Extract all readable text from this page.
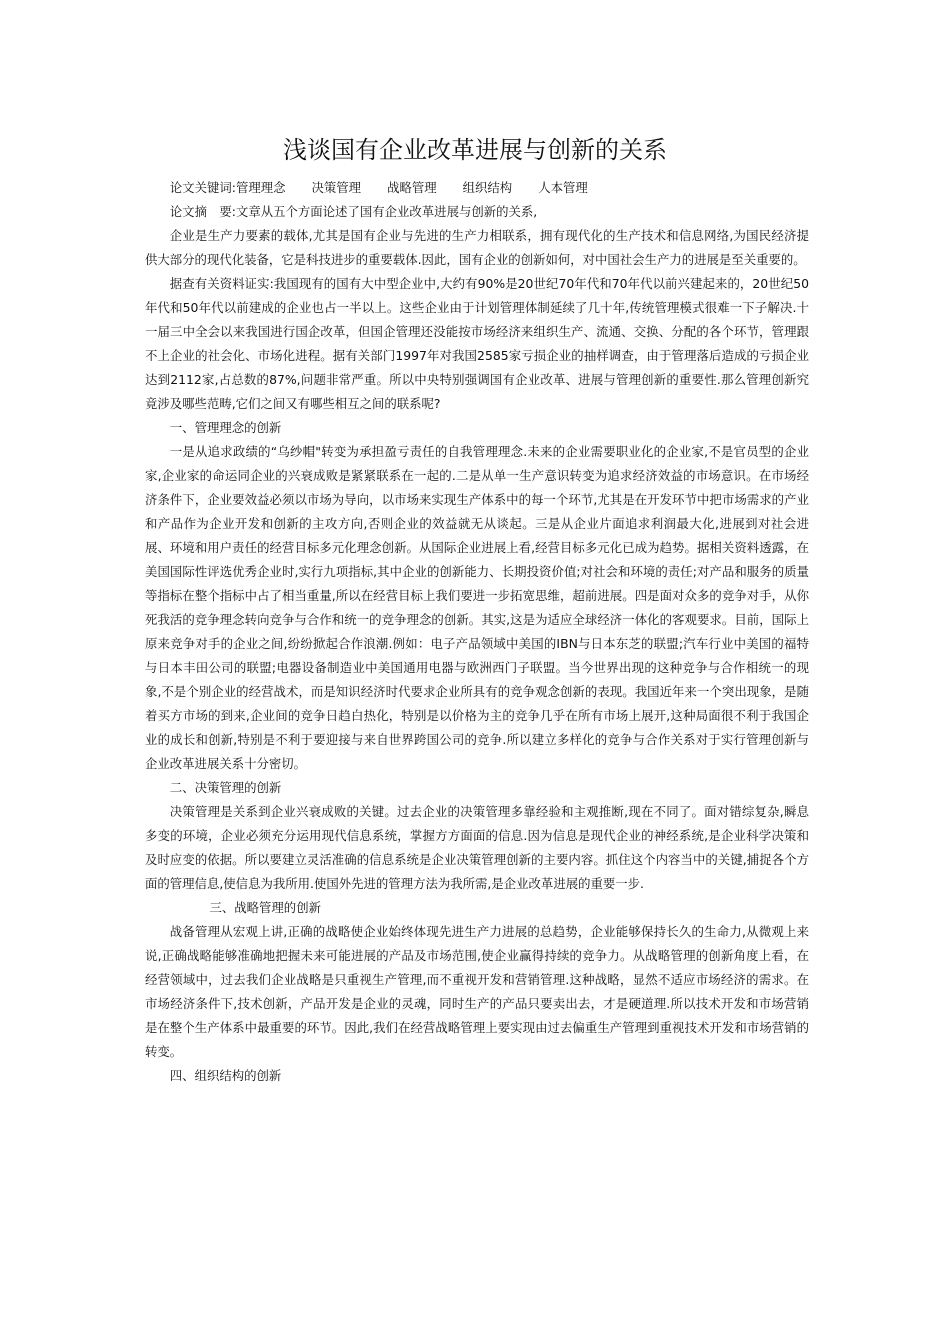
浅谈国有企业改革进展与创新的关系

论文关键词:管理理念 决策管理 战略管理 组织结构 人本管理

论文摘　要:文章从五个方面论述了国有企业改革进展与创新的关系,

企业是生产力要素的载体,尤其是国有企业与先进的生产力相联系，拥有现代化的生产技术和信息网络,为国民经济提供大部分的现代化装备，它是科技进步的重要载体.因此，国有企业的创新如何，对中国社会生产力的进展是至关重要的。

据查有关资料证实:我国现有的国有大中型企业中,大约有90%是20世纪70年代和70年代以前兴建起来的，20世纪50年代和50年代以前建成的企业也占一半以上。这些企业由于计划管理体制延续了几十年,传统管理模式很难一下子解决.十一届三中全会以来我国进行国企改革，但国企管理还没能按市场经济来组织生产、流通、交换、分配的各个环节，管理跟不上企业的社会化、市场化进程。据有关部门1997年对我国2585家亏损企业的抽样调查，由于管理落后造成的亏损企业达到2112家,占总数的87%,问题非常严重。所以中央特别强调国有企业改革、进展与管理创新的重要性.那么管理创新究竟涉及哪些范畴,它们之间又有哪些相互之间的联系呢?

一、管理理念的创新

一是从追求政绩的“乌纱帽"转变为承担盈亏责任的自我管理理念.未来的企业需要职业化的企业家,不是官员型的企业家,企业家的命运同企业的兴衰成败是紧紧联系在一起的.二是从单一生产意识转变为追求经济效益的市场意识。在市场经济条件下，企业要效益必须以市场为导向，以市场来实现生产体系中的每一个环节,尤其是在开发环节中把市场需求的产业和产品作为企业开发和创新的主攻方向,否则企业的效益就无从谈起。三是从企业片面追求利润最大化,进展到对社会进展、环境和用户责任的经营目标多元化理念创新。从国际企业进展上看,经营目标多元化已成为趋势。据相关资料透露，在美国国际性评选优秀企业时,实行九项指标,其中企业的创新能力、长期投资价值;对社会和环境的责任;对产品和服务的质量等指标在整个指标中占了相当重量,所以在经营目标上我们要进一步拓宽思维，超前进展。四是面对众多的竞争对手，从你死我活的竞争理念转向竞争与合作和统一的竞争理念的创新。其实,这是为适应全球经济一体化的客观要求。目前，国际上原来竞争对手的企业之间,纷纷掀起合作浪潮.例如：电子产品领域中美国的IBN与日本东芝的联盟;汽车行业中美国的福特与日本丰田公司的联盟;电器设备制造业中美国通用电器与欧洲西门子联盟。当今世界出现的这种竞争与合作相统一的现象,不是个别企业的经营战术，而是知识经济时代要求企业所具有的竞争观念创新的表现。我国近年来一个突出现象，是随着买方市场的到来,企业间的竞争日趋白热化，特别是以价格为主的竞争几乎在所有市场上展开,这种局面很不利于我国企业的成长和创新,特别是不利于要迎接与来自世界跨国公司的竞争.所以建立多样化的竞争与合作关系对于实行管理创新与企业改革进展关系十分密切。

二、决策管理的创新

决策管理是关系到企业兴衰成败的关键。过去企业的决策管理多靠经验和主观推断,现在不同了。面对错综复杂,瞬息多变的环境，企业必须充分运用现代信息系统，掌握方方面面的信息.因为信息是现代企业的神经系统,是企业科学决策和及时应变的依据。所以要建立灵活准确的信息系统是企业决策管理创新的主要内容。抓住这个内容当中的关键,捕捉各个方面的管理信息,使信息为我所用.使国外先进的管理方法为我所需,是企业改革进展的重要一步.

三、战略管理的创新

战备管理从宏观上讲,正确的战略使企业始终体现先进生产力进展的总趋势，企业能够保持长久的生命力,从微观上来说,正确战略能够准确地把握未来可能进展的产品及市场范围,使企业赢得持续的竞争力。从战略管理的创新角度上看，在经营领域中，过去我们企业战略是只重视生产管理,而不重视开发和营销管理.这种战略，显然不适应市场经济的需求。在市场经济条件下,技术创新，产品开发是企业的灵魂，同时生产的产品只要卖出去，才是硬道理.所以技术开发和市场营销是在整个生产体系中最重要的环节。因此,我们在经营战略管理上要实现由过去偏重生产管理到重视技术开发和市场营销的转变。

四、组织结构的创新
